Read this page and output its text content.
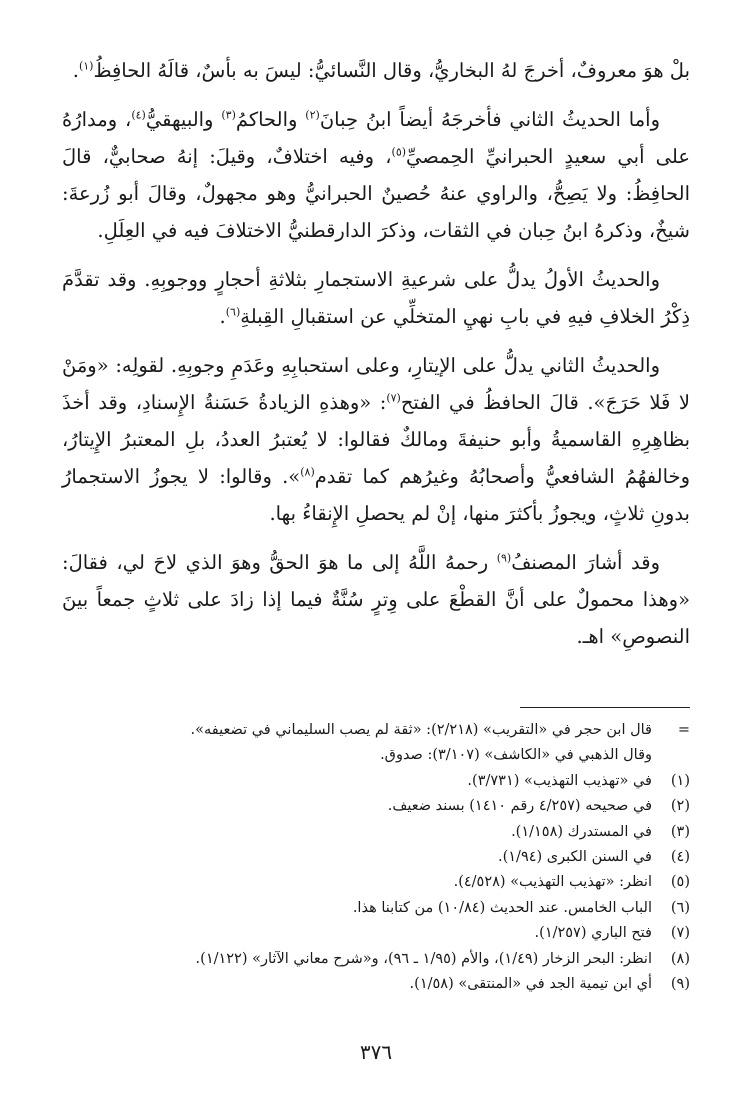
بلْ هوَ معروفٌ، أخرجَ لهُ البخاريُّ، وقال النَّسائيُّ: ليسَ به بأسٌ، قالَهُ الحافِظُ$^{(١)}$.

وأما الحديثُ الثاني فأخرجَهُ أيضاً ابنُ حِبانَ$^{(٢)}$ والحاكمُ$^{(٣)}$ والبيهقيُّ$^{(٤)}$، ومدارُهُ على أبي سعيدٍ الحبرانيِّ الحِمصيِّ$^{(٥)}$، وفيه اختلافٌ، وقيلَ: إنهُ صحابيٌّ، قالَ الحافِظُ: ولا يَصِحُّ، والراوي عنهُ حُصينٌ الحبرانيُّ وهو مجهولٌ، وقالَ أبو زُرعةَ: شيخٌ، وذكرهُ ابنُ حِبان في الثقات، وذكرَ الدارقطنيُّ الاختلافَ فيه في العِلَلِ.

والحديثُ الأولُ يدلُّ على شرعيةِ الاستجمارِ بثلاثةِ أحجارٍ ووجوبِهِ. وقد تقدَّمَ ذِكْرُ الخلافِ فيهِ في بابِ نهيِ المتخلِّي عن استقبالِ القِبلةِ$^{(٦)}$.

والحديثُ الثاني يدلُّ على الإيتارِ، وعلى استحبابِهِ وعَدَمِ وجوبِهِ. لقولِه: «ومَنْ لا فَلا حَرَجَ». قالَ الحافظُ في الفتح$^{(٧)}$: «وهذهِ الزيادةُ حَسَنةُ الإِسنادِ، وقد أخذَ بظاهِرِهِ القاسميةُ وأبو حنيفةَ ومالكٌ فقالوا: لا يُعتبرُ العددُ، بلِ المعتبرُ الإِيتارُ، وخالفهُمُ الشافعيُّ وأصحابُهُ وغيرُهم كما تقدم$^{(٨)}$». وقالوا: لا يجوزُ الاستجمارُ بدونِ ثلاثٍ، ويجوزُ بأكثرَ منها، إنْ لم يحصلِ الإِنقاءُ بها.

وقد أشارَ المصنفُ$^{(٩)}$ رحمهُ اللَّهُ إلى ما هوَ الحقُّ وهوَ الذي لاحَ لي، فقالَ: «وهذا محمولٌ على أنَّ القطْعَ على وِترٍ سُنَّةٌ فيما إذا زادَ على ثلاثٍ جمعاً بينَ النصوصِ» اهـ.

=
قال ابن حجر في «التقريب» (٢/٢١٨): «ثقة لم يصب السليماني في تضعيفه».
وقال الذهبي في «الكاشف» (٣/١٠٧): صدوق.
(١)
في «تهذيب التهذيب» (٣/٧٣١).
(٢)
في صحيحه (٤/٢٥٧ رقم ١٤١٠) بسند ضعيف.
(٣)
في المستدرك (١/١٥٨).
(٤)
في السنن الكبرى (١/٩٤).
(٥)
انظر: «تهذيب التهذيب» (٤/٥٢٨).
(٦)
الباب الخامس. عند الحديث (١٠/٨٤) من كتابنا هذا.
(٧)
فتح الباري (١/٢٥٧).
(٨)
انظر: البحر الزخار (١/٤٩)، والأم (١/٩٥ ـ ٩٦)، و«شرح معاني الآثار» (١/١٢٢).
(٩)
أي ابن تيمية الجد في «المنتقى» (١/٥٨).
٣٧٦
